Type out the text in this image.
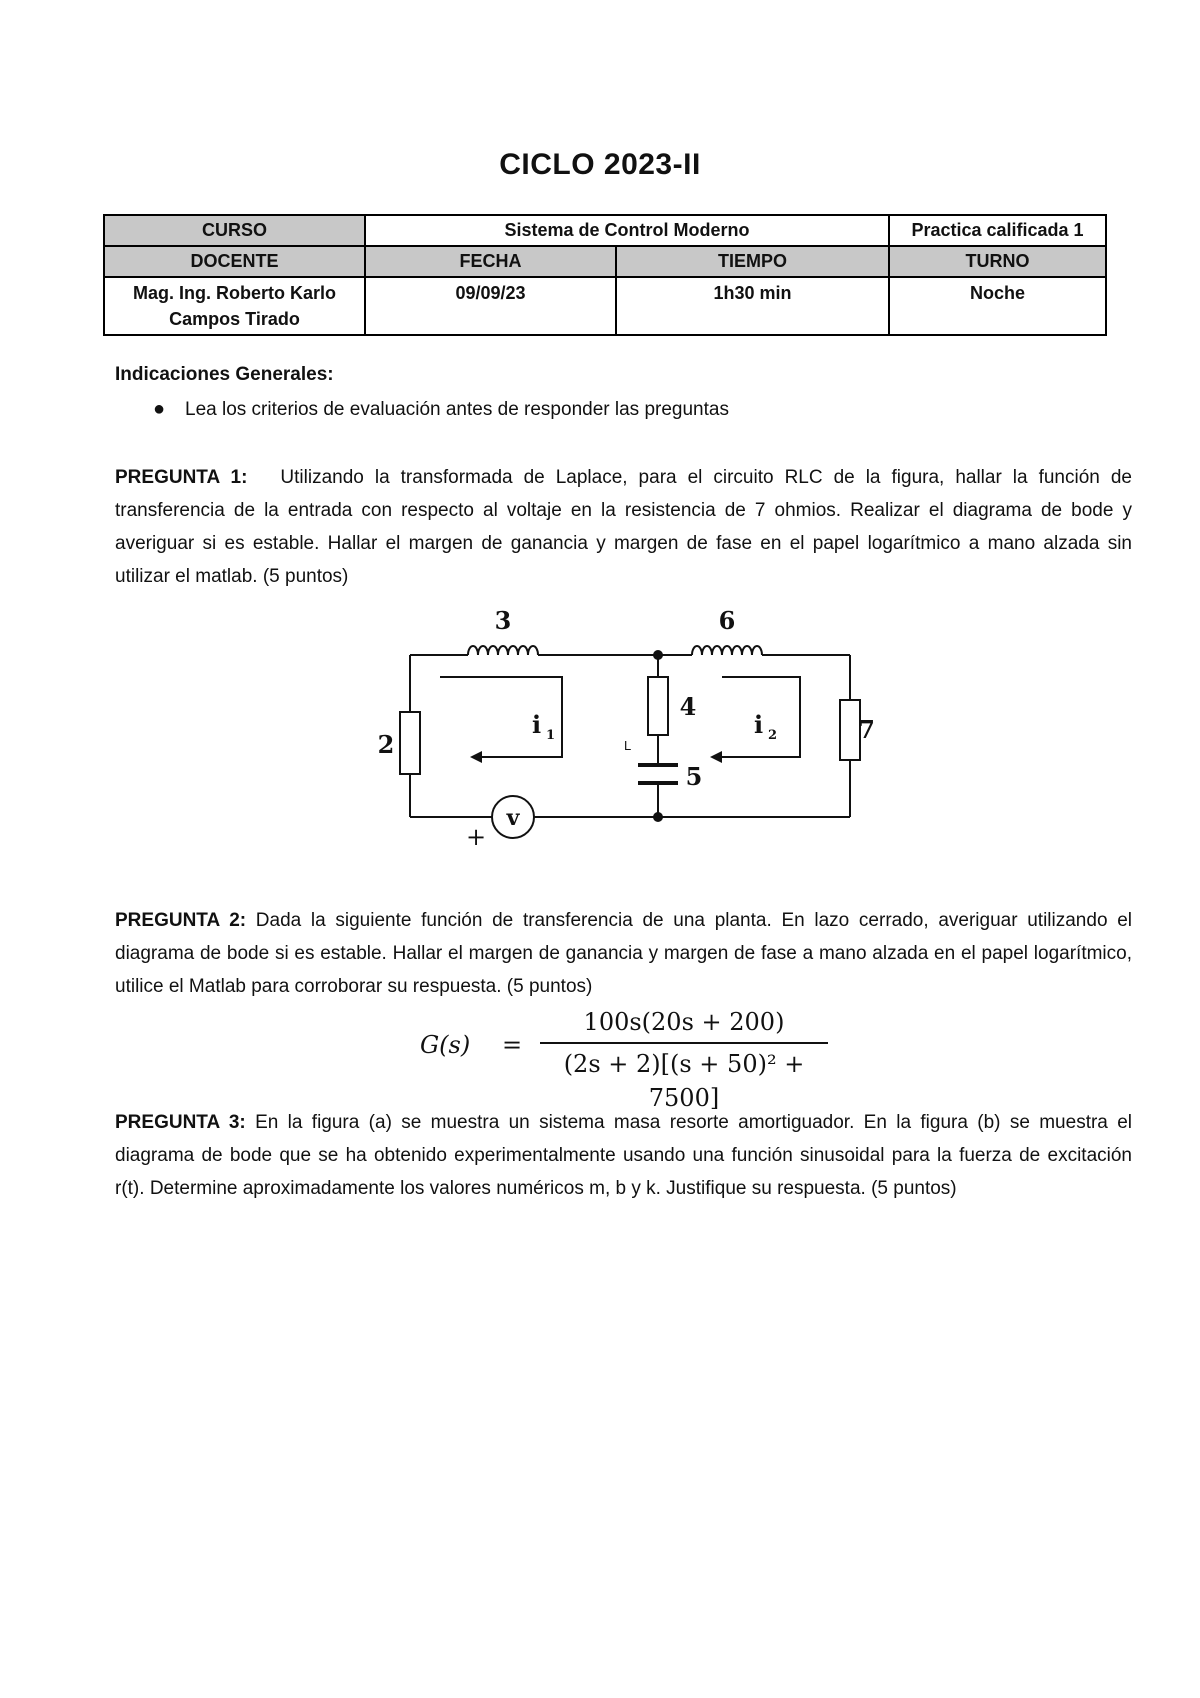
CICLO 2023-II
CURSO	Sistema de Control Moderno		Practica calificada 1
DOCENTE	FECHA	TIEMPO	TURNO

Mag. Ing. Roberto Karlo
Campos Tirado	09/09/23	1h30 min	Noche
Indicaciones Generales:
● Lea los criterios de evaluación antes de responder las preguntas
PREGUNTA 1: Utilizando la transformada de Laplace, para el circuito RLC de la figura, hallar la función de transferencia de la entrada con respecto al voltaje en la resistencia de 7 ohmios. Realizar el diagrama de bode y averiguar si es estable. Hallar el margen de ganancia y margen de fase en el papel logarítmico a mano alzada sin utilizar el matlab. (5 puntos)
3	6
2
4
5
7
i 1	i 2
v
+
L
PREGUNTA 2: Dada la siguiente función de transferencia de una planta. En lazo cerrado, averiguar utilizando el diagrama de bode si es estable. Hallar el margen de ganancia y margen de fase a mano alzada en el papel logarítmico, utilice el Matlab para corroborar su respuesta. (5 puntos)
G(s) =
100s(20s + 200)
(2s + 2)[(s + 50)² + 7500]
PREGUNTA 3: En la figura (a) se muestra un sistema masa resorte amortiguador. En la figura (b) se muestra el diagrama de bode que se ha obtenido experimentalmente usando una función sinusoidal para la fuerza de excitación r(t). Determine aproximadamente los valores numéricos m, b y k. Justifique su respuesta. (5 puntos)
